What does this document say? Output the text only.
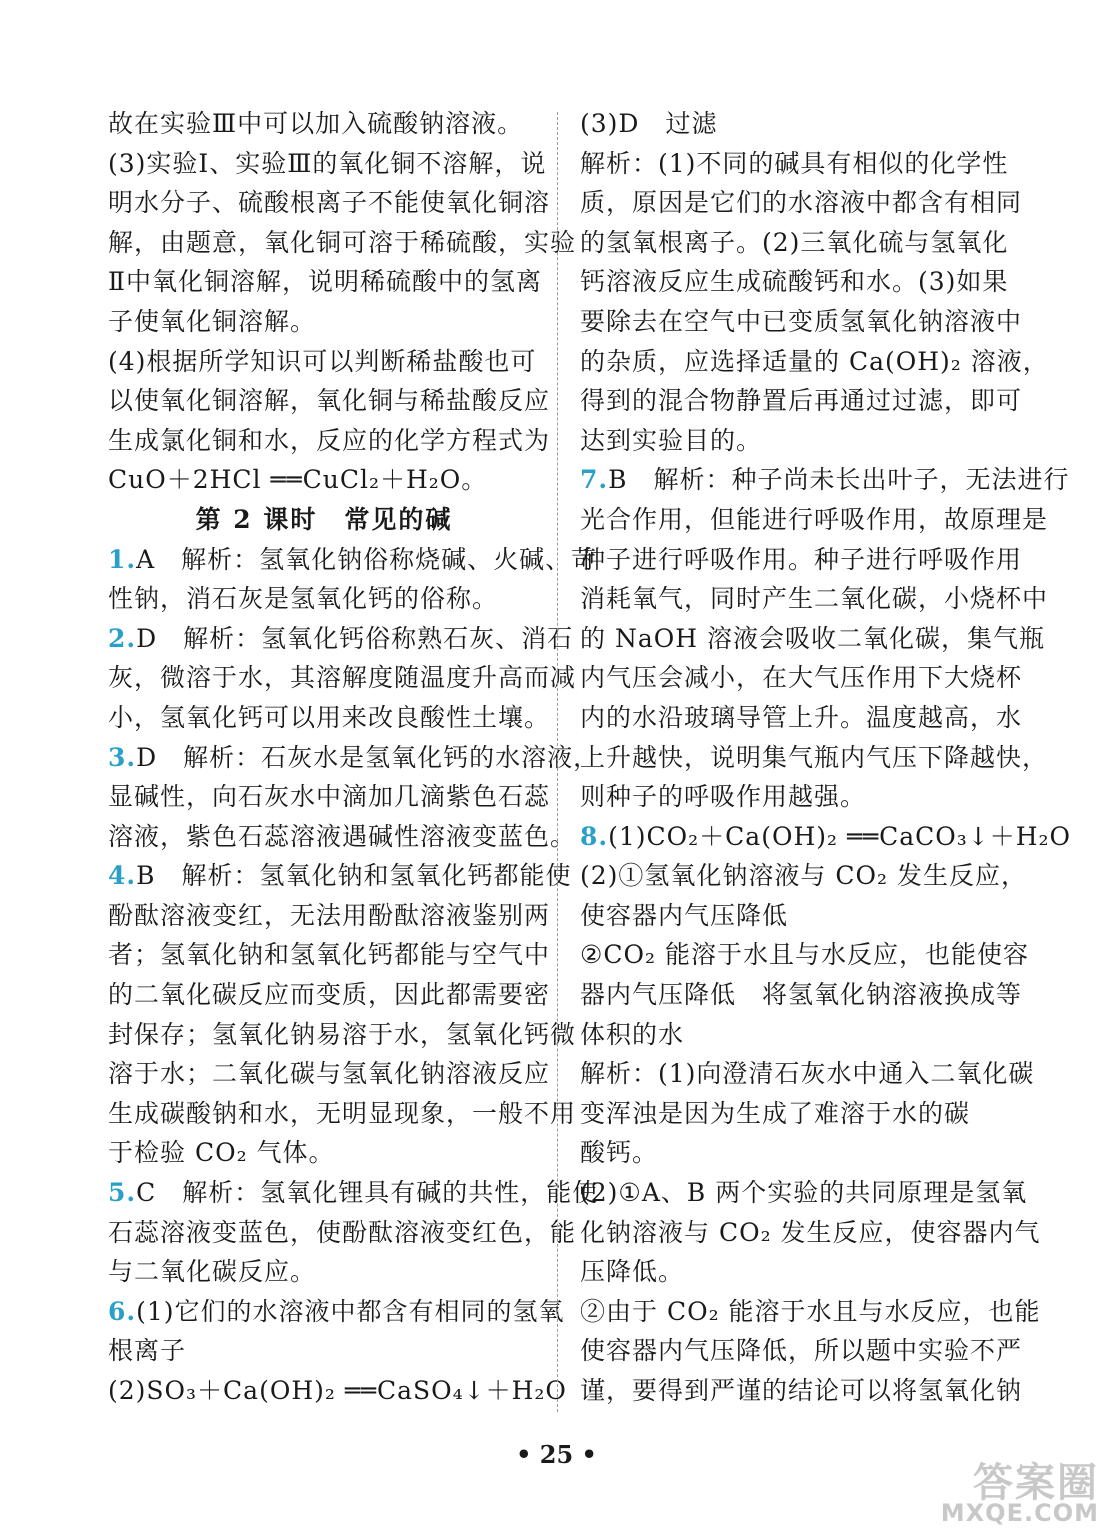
故在实验Ⅲ中可以加入硫酸钠溶液。
(3)实验Ⅰ、实验Ⅲ的氧化铜不溶解，说
明水分子、硫酸根离子不能使氧化铜溶
解，由题意，氧化铜可溶于稀硫酸，实验
Ⅱ中氧化铜溶解，说明稀硫酸中的氢离
子使氧化铜溶解。
(4)根据所学知识可以判断稀盐酸也可
以使氧化铜溶解，氧化铜与稀盐酸反应
生成氯化铜和水，反应的化学方程式为
CuO＋2HCl ══CuCl₂＋H₂O。
第 2 课时　常见的碱
1.A　解析：氢氧化钠俗称烧碱、火碱、苛
性钠，消石灰是氢氧化钙的俗称。
2.D　解析：氢氧化钙俗称熟石灰、消石
灰，微溶于水，其溶解度随温度升高而减
小，氢氧化钙可以用来改良酸性土壤。
3.D　解析：石灰水是氢氧化钙的水溶液，
显碱性，向石灰水中滴加几滴紫色石蕊
溶液，紫色石蕊溶液遇碱性溶液变蓝色。
4.B　解析：氢氧化钠和氢氧化钙都能使
酚酞溶液变红，无法用酚酞溶液鉴别两
者；氢氧化钠和氢氧化钙都能与空气中
的二氧化碳反应而变质，因此都需要密
封保存；氢氧化钠易溶于水，氢氧化钙微
溶于水；二氧化碳与氢氧化钠溶液反应
生成碳酸钠和水，无明显现象，一般不用
于检验 CO₂ 气体。
5.C　解析：氢氧化锂具有碱的共性，能使
石蕊溶液变蓝色，使酚酞溶液变红色，能
与二氧化碳反应。
6.(1)它们的水溶液中都含有相同的氢氧
根离子
(2)SO₃＋Ca(OH)₂ ══CaSO₄↓＋H₂O
(3)D　过滤
解析：(1)不同的碱具有相似的化学性
质，原因是它们的水溶液中都含有相同
的氢氧根离子。(2)三氧化硫与氢氧化
钙溶液反应生成硫酸钙和水。(3)如果
要除去在空气中已变质氢氧化钠溶液中
的杂质，应选择适量的 Ca(OH)₂ 溶液，
得到的混合物静置后再通过过滤，即可
达到实验目的。
7.B　解析：种子尚未长出叶子，无法进行
光合作用，但能进行呼吸作用，故原理是
种子进行呼吸作用。种子进行呼吸作用
消耗氧气，同时产生二氧化碳，小烧杯中
的 NaOH 溶液会吸收二氧化碳，集气瓶
内气压会减小，在大气压作用下大烧杯
内的水沿玻璃导管上升。温度越高，水
上升越快，说明集气瓶内气压下降越快，
则种子的呼吸作用越强。
8.(1)CO₂＋Ca(OH)₂ ══CaCO₃↓＋H₂O
(2)①氢氧化钠溶液与 CO₂ 发生反应，
使容器内气压降低
②CO₂ 能溶于水且与水反应，也能使容
器内气压降低　将氢氧化钠溶液换成等
体积的水
解析：(1)向澄清石灰水中通入二氧化碳
变浑浊是因为生成了难溶于水的碳
酸钙。
(2)①A、B 两个实验的共同原理是氢氧
化钠溶液与 CO₂ 发生反应，使容器内气
压降低。
②由于 CO₂ 能溶于水且与水反应，也能
使容器内气压降低，所以题中实验不严
谨，要得到严谨的结论可以将氢氧化钠
• 25 •
答案圈
MXQE.COM
